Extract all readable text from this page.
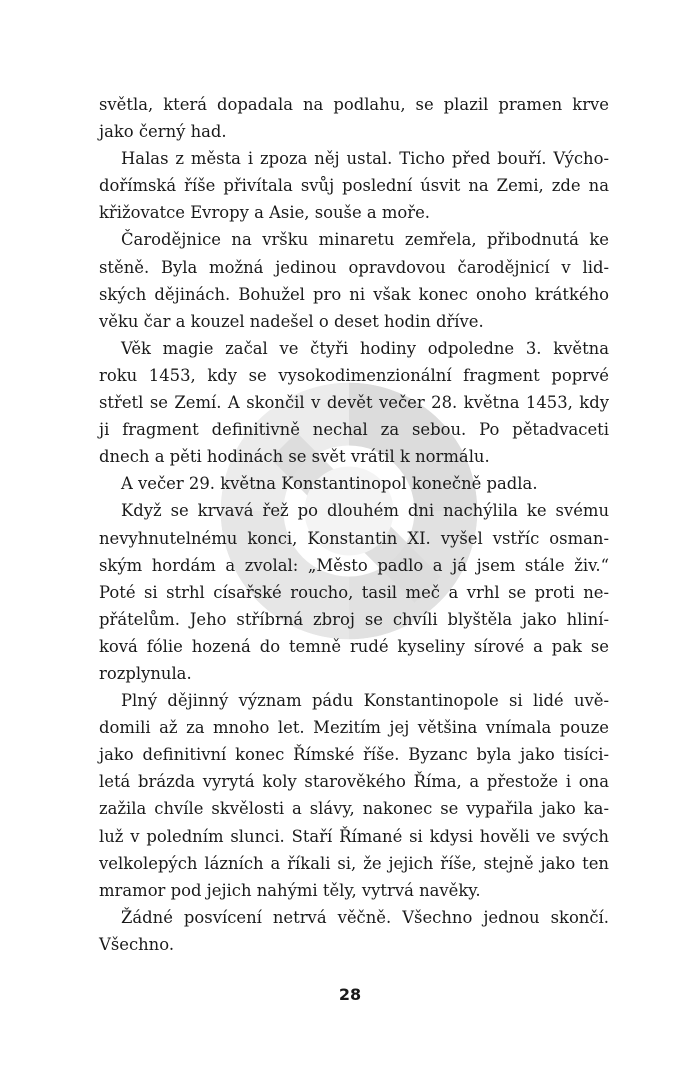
světla, která dopadala na podlahu, se plazil pramen krve
jako černý had.
Halas z města i zpoza něj ustal. Ticho před bouří. Výcho-
dořímská říše přivítala svůj poslední úsvit na Zemi, zde na
křižovatce Evropy a Asie, souše a moře.
Čarodějnice na vršku minaretu zemřela, přibodnutá ke
stěně. Byla možná jedinou opravdovou čarodějnicí v lid-
ských dějinách. Bohužel pro ni však konec onoho krátkého
věku čar a kouzel nadešel o deset hodin dříve.
Věk magie začal ve čtyři hodiny odpoledne 3. května
roku 1453, kdy se vysokodimenzionální fragment poprvé
střetl se Zemí. A skončil v devět večer 28. května 1453, kdy
ji fragment definitivně nechal za sebou. Po pětadvaceti
dnech a pěti hodinách se svět vrátil k normálu.
A večer 29. května Konstantinopol konečně padla.
Když se krvavá řež po dlouhém dni nachýlila ke svému
nevyhnutelnému konci, Konstantin XI. vyšel vstříc osman-
ským hordám a zvolal: „Město padlo a já jsem stále živ.“
Poté si strhl císařské roucho, tasil meč a vrhl se proti ne-
přátelům. Jeho stříbrná zbroj se chvíli blyštěla jako hliní-
ková fólie hozená do temně rudé kyseliny sírové a pak se
rozplynula.
Plný dějinný význam pádu Konstantinopole si lidé uvě-
domili až za mnoho let. Mezitím jej většina vnímala pouze
jako definitivní konec Římské říše. Byzanc byla jako tisíci-
letá brázda vyrytá koly starověkého Říma, a přestože i ona
zažila chvíle skvělosti a slávy, nakonec se vypařila jako ka-
luž v poledním slunci. Staří Římané si kdysi hověli ve svých
velkolepých lázních a říkali si, že jejich říše, stejně jako ten
mramor pod jejich nahými těly, vytrvá navěky.
Žádné posvícení netrvá věčně. Všechno jednou skončí.
Všechno.
28
